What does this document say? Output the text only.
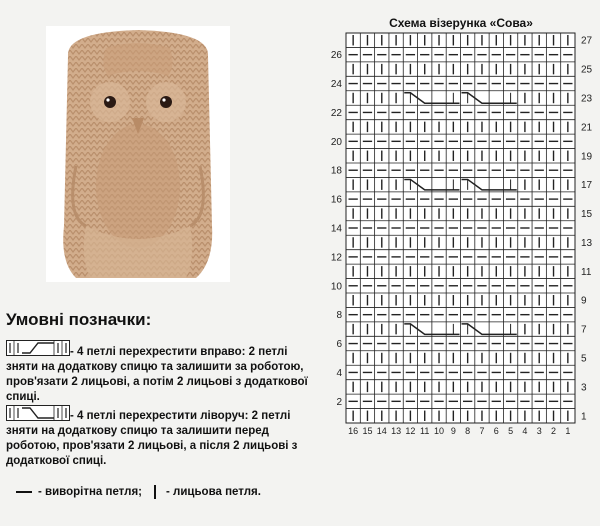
Схема візерунка «Сова»
16 15 14 13 12 11 10 9 8 7 6 5 4 3 2 1
2
4
6
8
10
12
14
16
18
20
22
24
26
1
3
5
7
9
11
13
15
17
19
21
23
25
27
Умовні позначки:
- 4 петлі перехрестити вправо: 2 петлі зняти на додаткову спицю та залишити за роботою, пров'язати 2 лицьові, а потім 2 лицьові з додаткової спиці.
- 4 петлі перехрестити ліворуч: 2 петлі зняти на додаткову спицю та залишити перед роботою, пров'язати 2 лицьові, а після 2 лицьові з додаткової спиці.
- виворітна петля; - лицьова петля.
